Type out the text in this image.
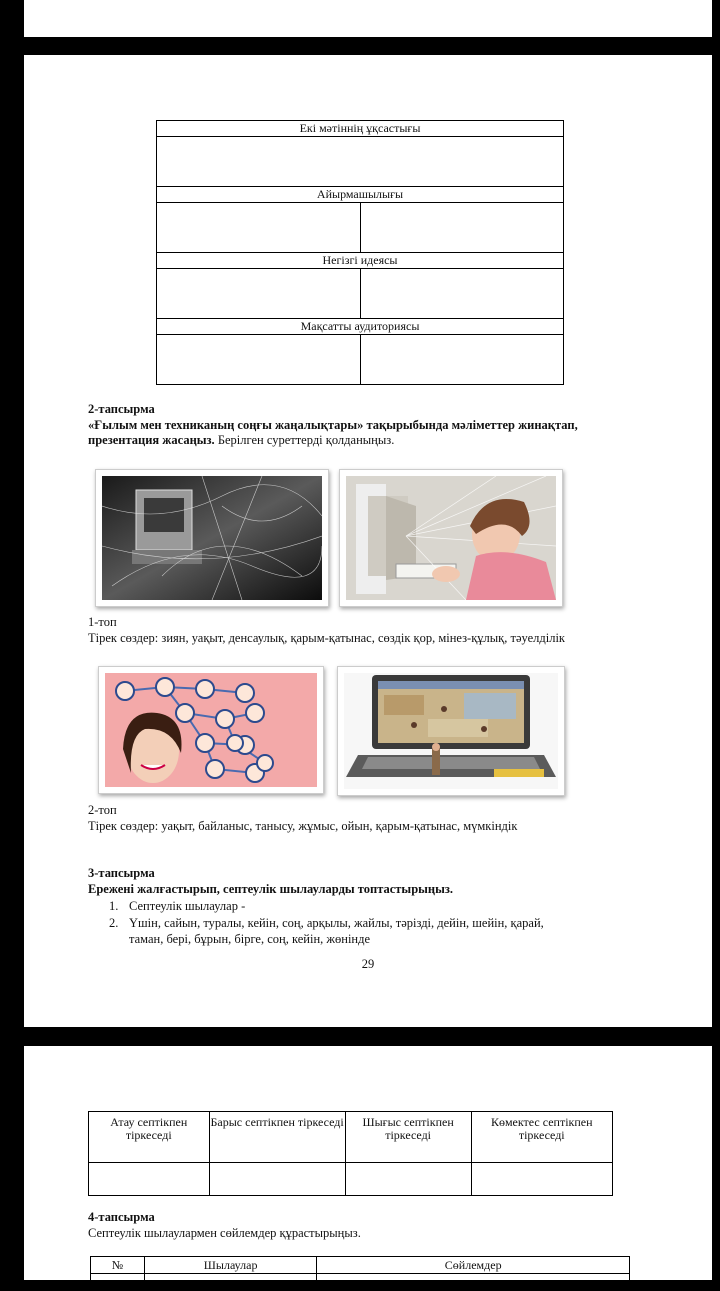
Екі мәтіннің ұқсастығы	

Айырмашылығы	

Негізгі идеясы	

Мақсатты аудиториясы	

2-тапсырма
«Ғылым мен техниканың соңғы жаңалықтары» тақырыбында мәліметтер жинақтап, презентация жасаңыз. Берілген суреттерді қолданыңыз.
1-топ
Тірек сөздер: зиян, уақыт, денсаулық, қарым-қатынас, сөздік қор, мінез-құлық, тәуелділік
2-топ
Тірек сөздер: уақыт, байланыс, танысу, жұмыс, ойын, қарым-қатынас, мүмкіндік
3-тапсырма
Ережені жалғастырып, септеулік шылауларды топтастырыңыз.
1. Септеулік шылаулар -
2. Үшін, сайын, туралы, кейін, соң, арқылы, жайлы, тәрізді, дейін, шейін, қарай,
таман, бері, бұрын, бірге, соң, кейін, жөнінде
29
Атау септікпен тіркеседі	Барыс септікпен тіркеседі	Шығыс септікпен тіркеседі	Көмектес септікпен тіркеседі

4-тапсырма
Септеулік шылаулармен сөйлемдер құрастырыңыз.
№	Шылаулар	Сөйлемдер
